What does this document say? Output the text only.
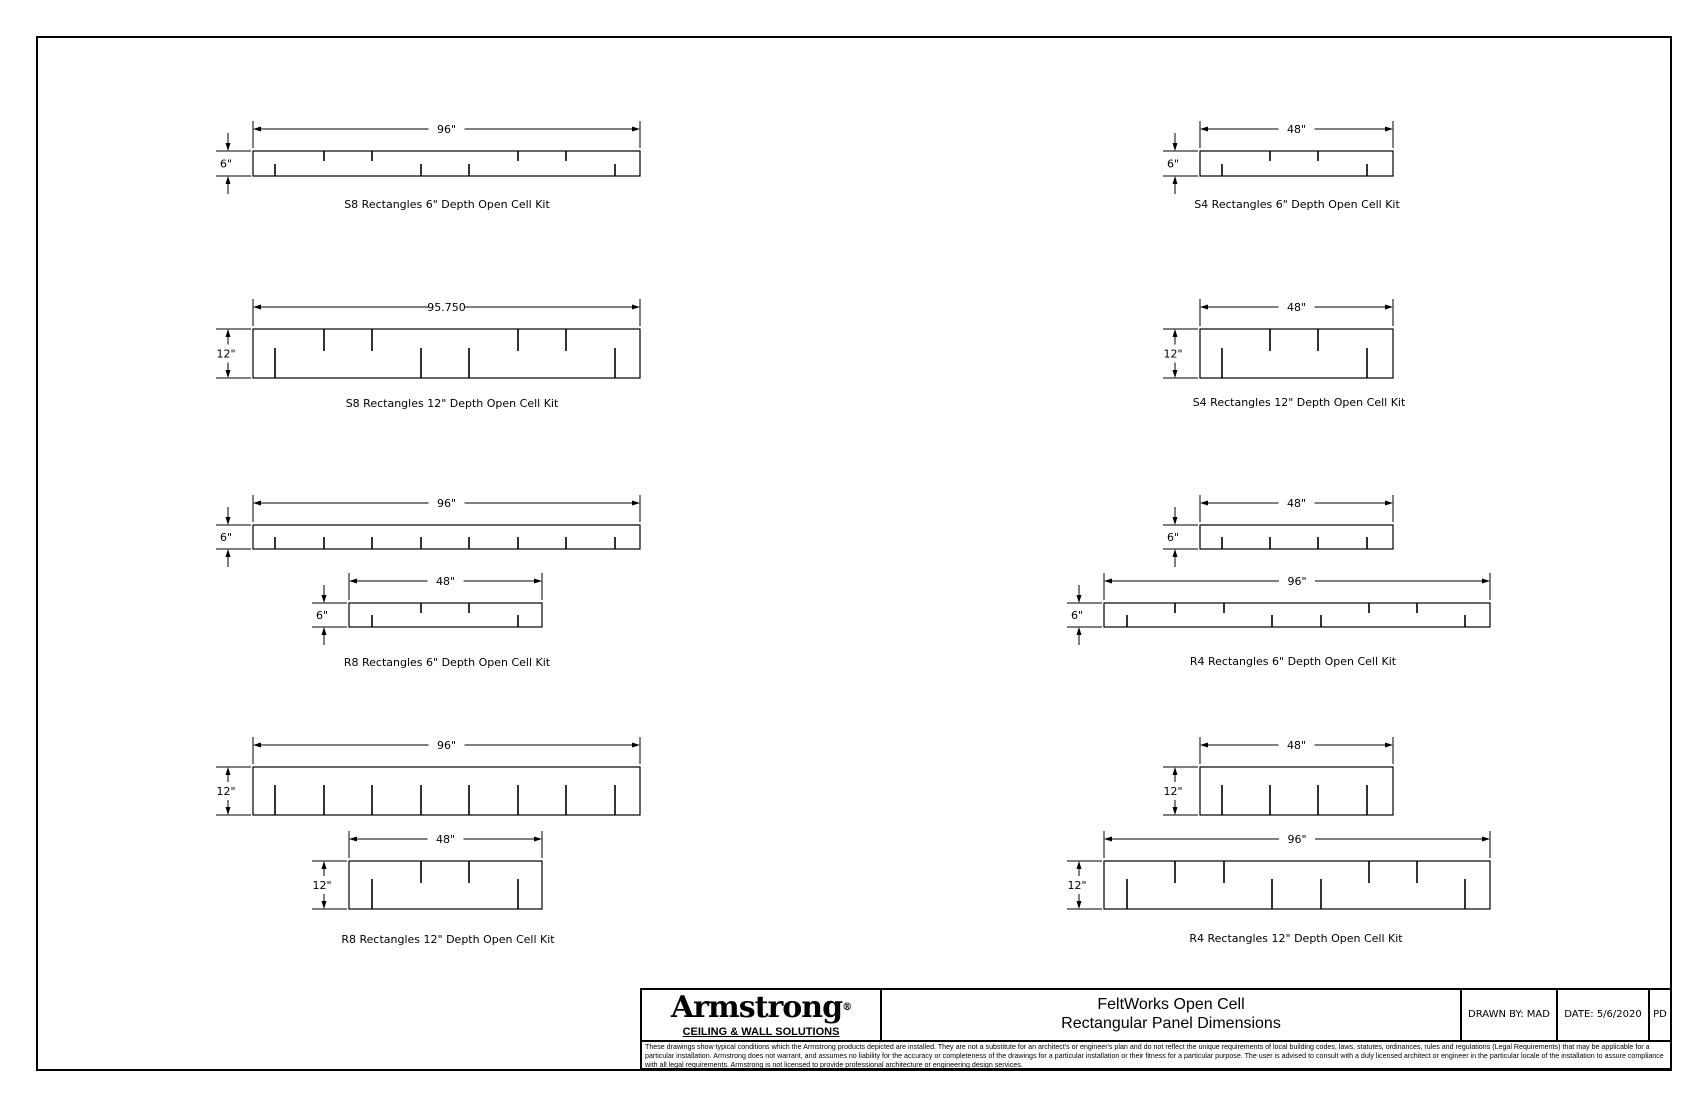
96"
6"
48"
6"
95.750
12"
48"
12"
96"
6"
48"
6"
48"
6"
96"
6"
96"
12"
48"
12"
48"
12"
96"
12"
S8 Rectangles 6" Depth Open Cell Kit	S4 Rectangles 6" Depth Open Cell Kit
S8 Rectangles 12" Depth Open Cell Kit	S4 Rectangles 12" Depth Open Cell Kit
R8 Rectangles 6" Depth Open Cell Kit	R4 Rectangles 6" Depth Open Cell Kit
R8 Rectangles 12" Depth Open Cell Kit	R4 Rectangles 12" Depth Open Cell Kit
Armstrong®
CEILING & WALL SOLUTIONS
FeltWorks Open Cell
Rectangular Panel Dimensions
DRAWN BY: MAD	DATE: 5/6/2020	PD
These drawings show typical conditions which the Armstrong products depicted are installed. They are not a substitute for an architect's or engineer's plan and do not reflect the unique requirements of local building codes, laws, statutes, ordinances, rules and regulations (Legal Requirements) that may be applicable for a particular installation. Armstrong does not warrant, and assumes no liability for the accuracy or completeness of the drawings for a particular installation or their fitness for a particular purpose. The user is advised to consult with a duly licensed architect or engineer in the particular locale of the installation to assure compliance with all legal requirements. Armstrong is not licensed to provide professional architecture or engineering design services.
